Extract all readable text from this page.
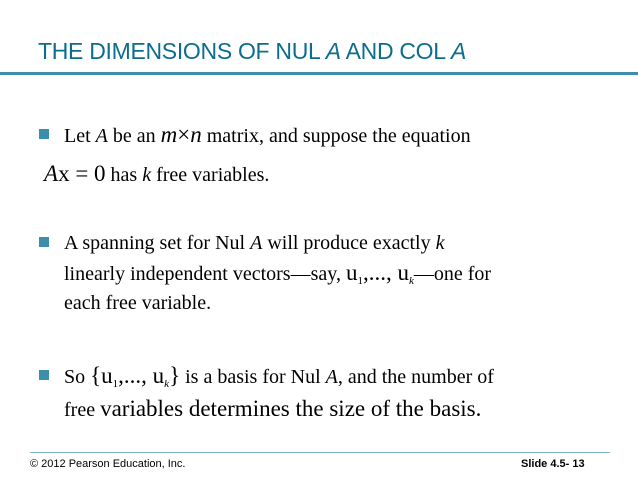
THE DIMENSIONS OF NUL A AND COL A
Let A be an m×n matrix, and suppose the equation
Ax = 0 has k free variables.
A spanning set for Nul A will produce exactly k
linearly independent vectors—say, $u_1$,..., $u_k—one$ for
each free variable.
So {$u_1$,..., $u_k$} is a basis for Nul A, and the number of
free variables determines the size of the basis.
© 2012 Pearson Education, Inc.	Slide 4.5- 13
